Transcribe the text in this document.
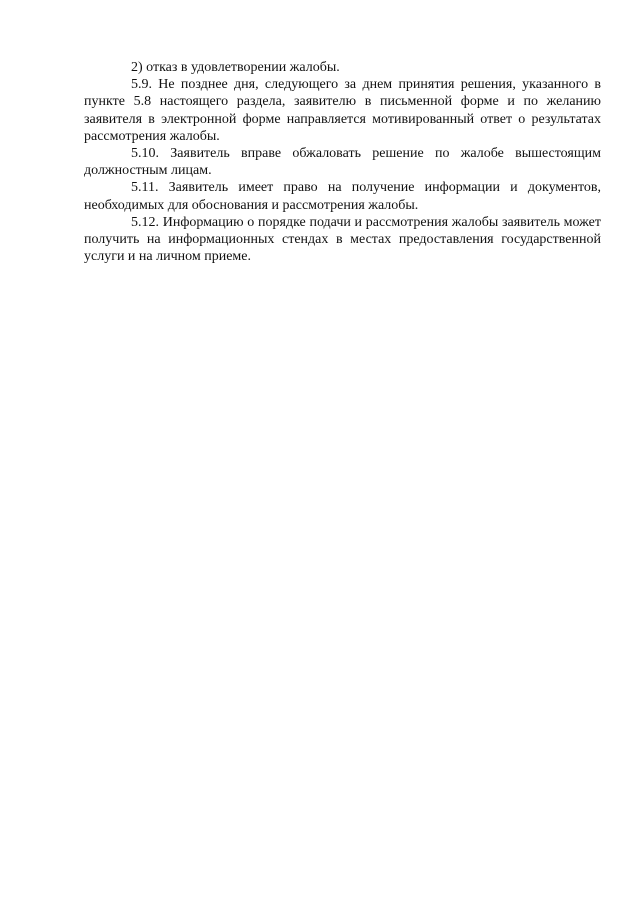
2) отказ в удовлетворении жалобы.

5.9. Не позднее дня, следующего за днем принятия решения, указанного в пункте 5.8 настоящего раздела, заявителю в письменной форме и по желанию заявителя в электронной форме направляется мотивированный ответ о результатах рассмотрения жалобы.

5.10. Заявитель вправе обжаловать решение по жалобе вышестоящим должностным лицам.

5.11. Заявитель имеет право на получение информации и документов, необходимых для обоснования и рассмотрения жалобы.

5.12. Информацию о порядке подачи и рассмотрения жалобы заявитель может получить на информационных стендах в местах предоставления государственной услуги и на личном приеме.
